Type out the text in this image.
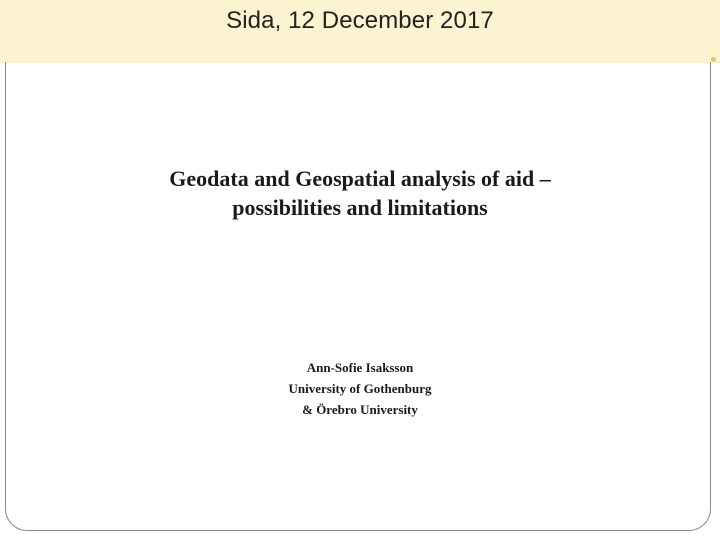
Sida, 12 December 2017
Geodata and Geospatial analysis of aid –
possibilities and limitations
Ann-Sofie Isaksson
University of Gothenburg
& Örebro University
